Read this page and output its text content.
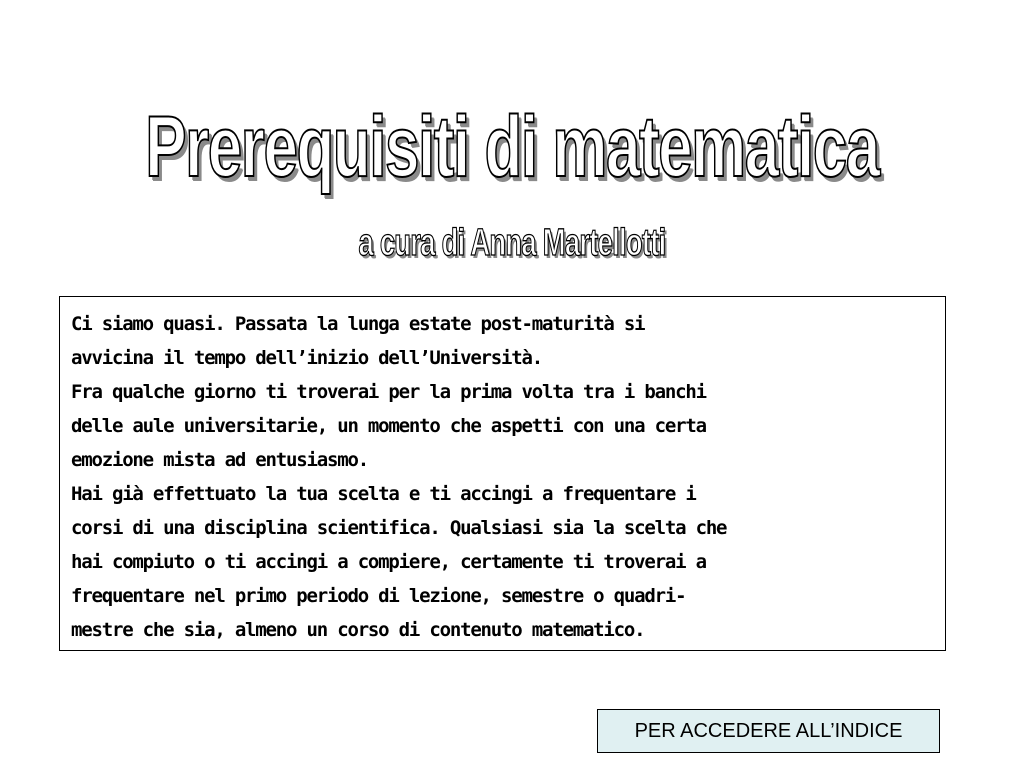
Prerequisiti di matematica
a cura di Anna Martellotti

Ci siamo quasi. Passata la lunga estate post-maturità si
avvicina il tempo dell’inizio dell’Università.

Fra qualche giorno ti troverai per la prima volta tra i banchi
delle aule universitarie, un momento che aspetti con una certa
emozione mista ad entusiasmo.

Hai già effettuato la tua scelta e ti accingi a frequentare i
corsi di una disciplina scientifica. Qualsiasi sia la scelta che
hai compiuto o ti accingi a compiere, certamente ti troverai a
frequentare nel primo periodo di lezione, semestre o quadri-
mestre che sia, almeno un corso di contenuto matematico.

PER ACCEDERE ALL’INDICE
